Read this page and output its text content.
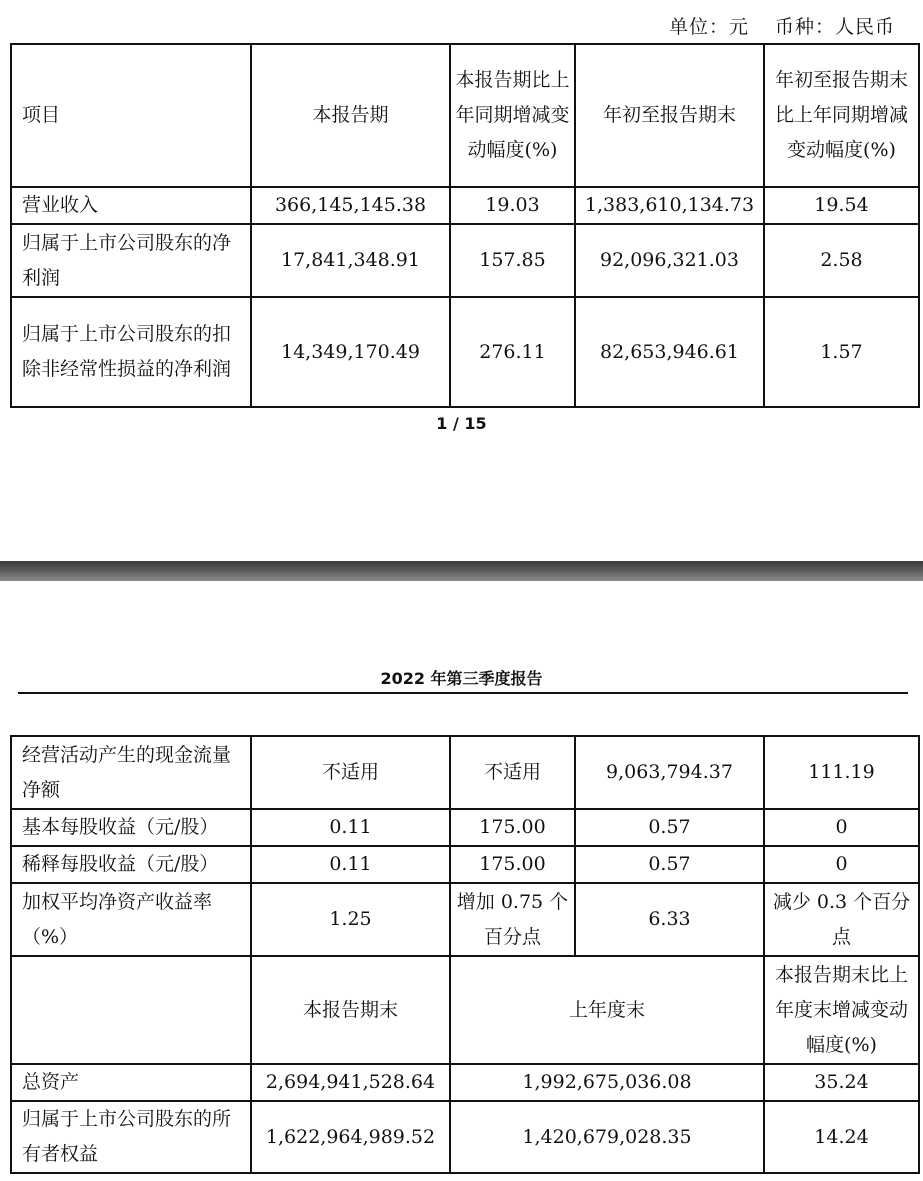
单位：元 币种：人民币
项目	本报告期	本报告期比上年同期增减变动幅度(%)	年初至报告期末	年初至报告期末比上年同期增减变动幅度(%)
营业收入	366,145,145.38	19.03	1,383,610,134.73	19.54
归属于上市公司股东的净利润	17,841,348.91	157.85	92,096,321.03	2.58
归属于上市公司股东的扣除非经常性损益的净利润	14,349,170.49	276.11	82,653,946.61	1.57
1 / 15
2022 年第三季度报告
经营活动产生的现金流量净额	不适用	不适用	9,063,794.37	111.19
基本每股收益（元/股）	0.11	175.00	0.57	0
稀释每股收益（元/股）	0.11	175.00	0.57	0
加权平均净资产收益率（%）	1.25	增加 0.75 个百分点	6.33	减少 0.3 个百分点
	本报告期末	上年度末		本报告期末比上年度末增减变动幅度(%)
总资产	2,694,941,528.64	1,992,675,036.08		35.24
归属于上市公司股东的所有者权益	1,622,964,989.52	1,420,679,028.35		14.24
